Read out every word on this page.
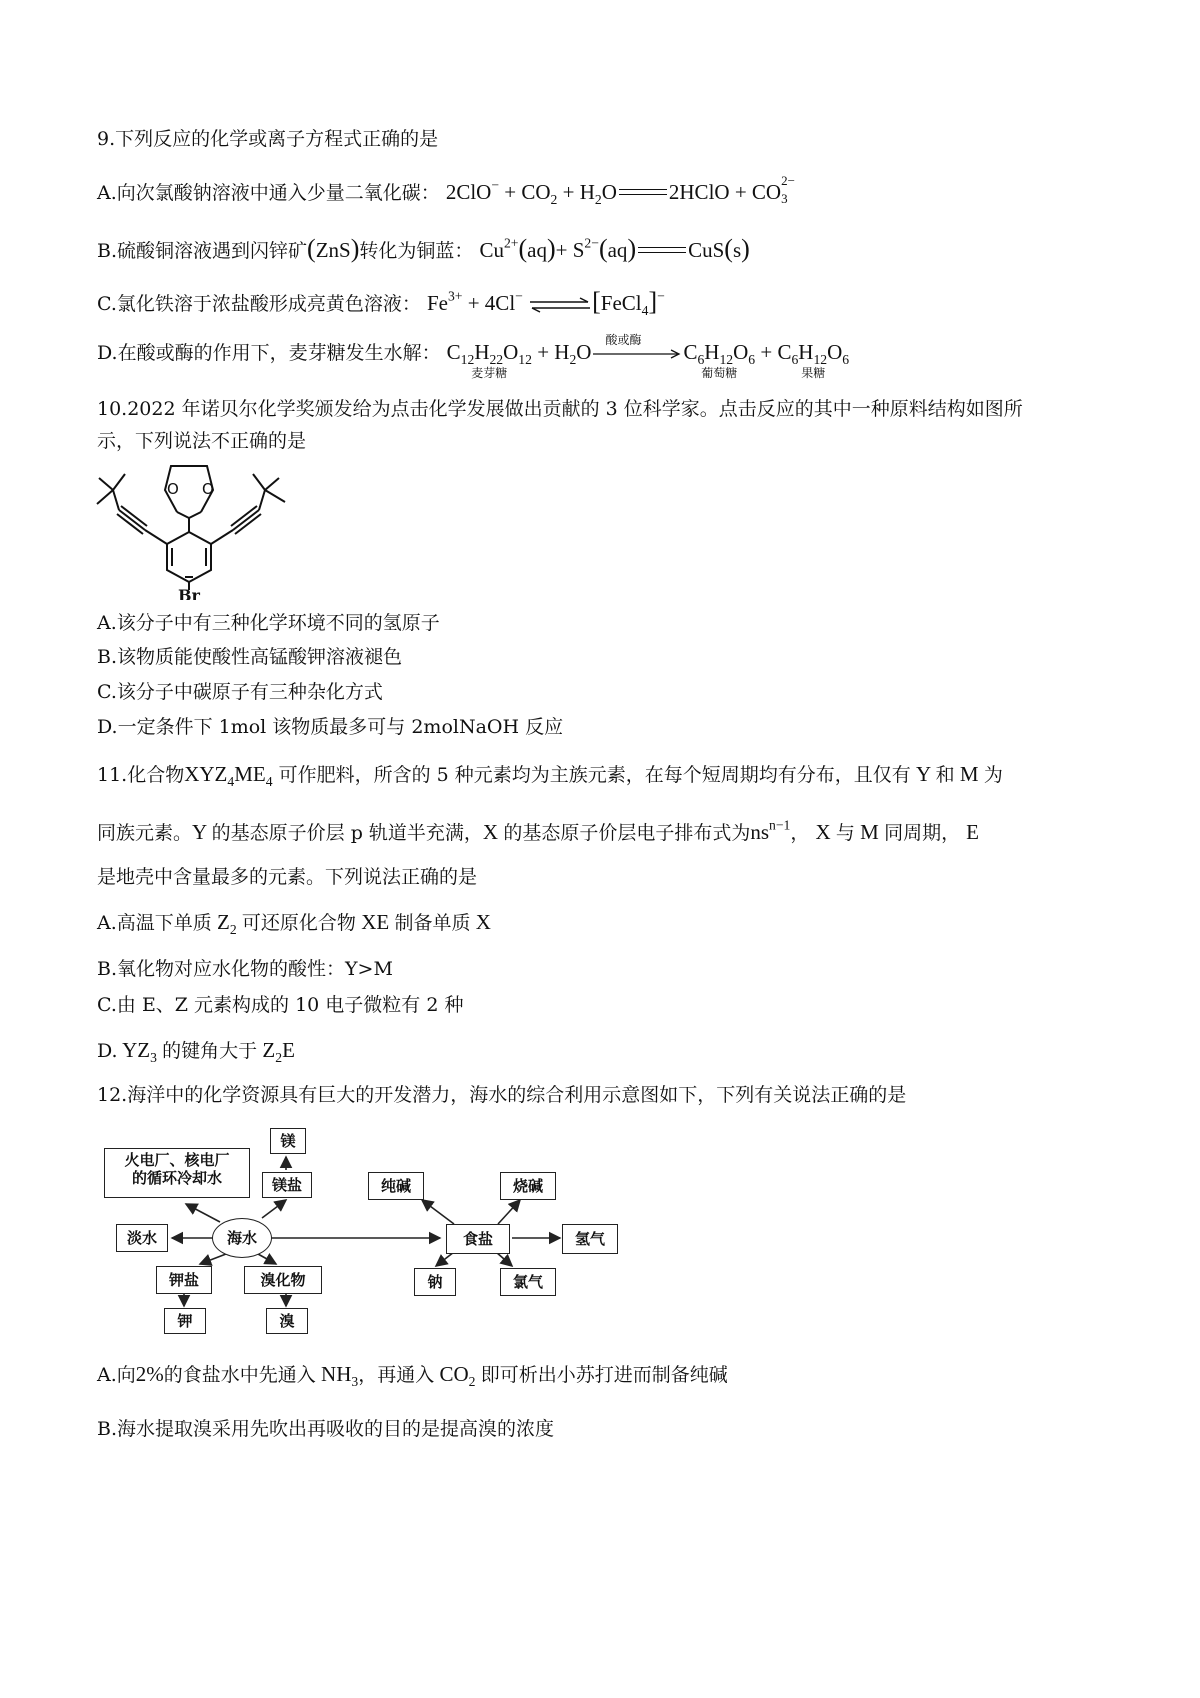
9.下列反应的化学或离子方程式正确的是
A.向次氯酸钠溶液中通入少量二氧化碳： $2ClO^- + CO_2 + H_2O$ 2HClO + CO 2−
3
B.硫酸铜溶液遇到闪锌矿(ZnS)转化为铜蓝： $Cu^{2+}(aq)+ S^{2-}(aq)$ CuS(s)
C.氯化铁溶于浓盐酸形成亮黄色溶液： $Fe^{3+} + 4Cl^-$ ⇌[FeCl$_4$]−
D.在酸或酶的作用下，麦芽糖发生水解： $C_{12}H_{22}O_{12}$
麦芽糖
+ $H_2O$ 酸或酶 $C_6H_{12}O_6$
葡萄糖
+ $C_6H_{12}O_6$
果糖
10.2022 年诺贝尔化学奖颁发给为点击化学发展做出贡献的 3 位科学家。点击反应的其中一种原料结构如图所
示，下列说法不正确的是
O O
Br
A.该分子中有三种化学环境不同的氢原子
B.该物质能使酸性高锰酸钾溶液褪色
C.该分子中碳原子有三种杂化方式
D.一定条件下 1mol 该物质最多可与 2molNaOH 反应
11.化合物$XYZ_4ME_4$ 可作肥料，所含的 5 种元素均为主族元素，在每个短周期均有分布，且仅有 Y 和 M 为
同族元素。Y 的基态原子价层 p 轨道半充满，X 的基态原子价层电子排布式为$ns^{n-1}$， X 与 M 同周期， E
是地壳中含量最多的元素。下列说法正确的是
A.高温下单质 $Z_2$ 可还原化合物 XE 制备单质 X
B.氧化物对应水化物的酸性：Y>M
C.由 E、Z 元素构成的 10 电子微粒有 2 种
D. $YZ_3$ 的键角大于 $Z_2E$
12.海洋中的化学资源具有巨大的开发潜力，海水的综合利用示意图如下，下列有关说法正确的是
火电厂、核电厂
的循环冷却水
镁
镁盐
淡水	海水
钾盐
钾
溴化物
溴
纯碱	烧碱
食盐	氢气
钠	氯气
A.向2%的食盐水中先通入 $NH_3$，再通入 $CO_2$ 即可析出小苏打进而制备纯碱
B.海水提取溴采用先吹出再吸收的目的是提高溴的浓度
